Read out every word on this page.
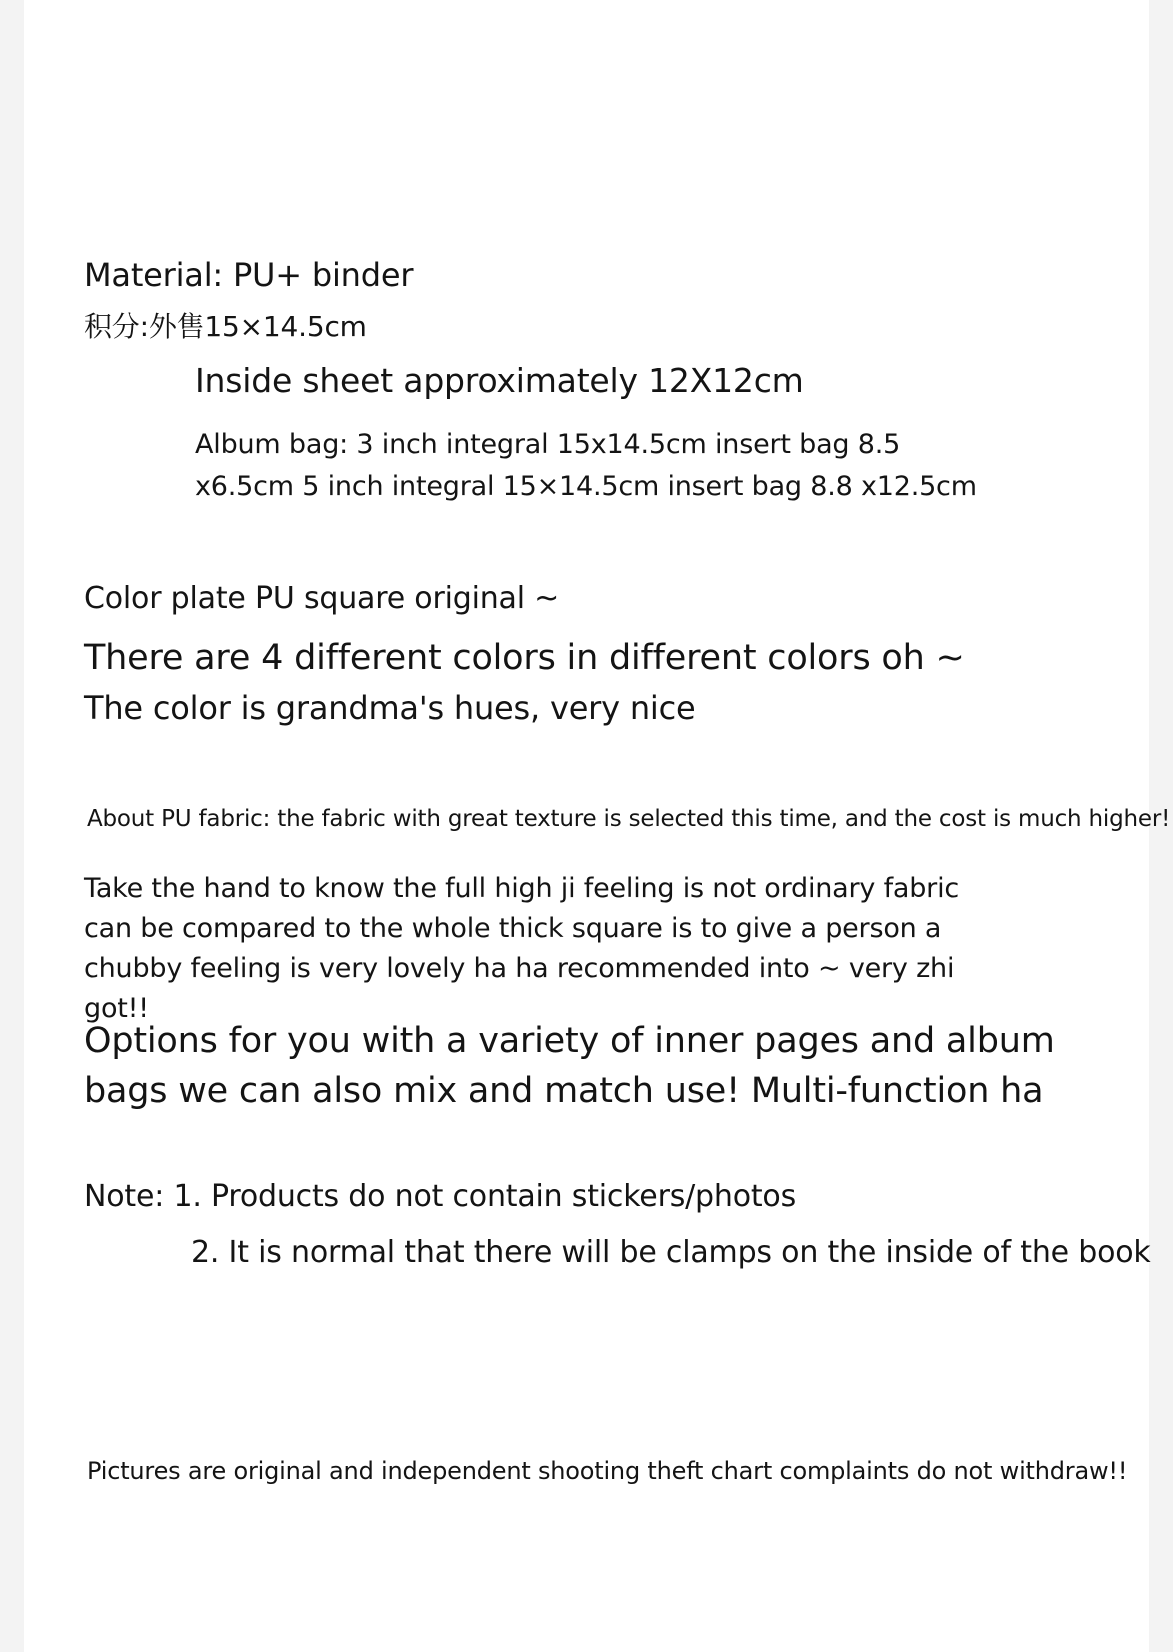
Material: PU+ binder

积分:外售15×14.5cm

Inside sheet approximately 12X12cm

Album bag: 3 inch integral 15x14.5cm insert bag 8.5 x6.5cm 5 inch integral 15×14.5cm insert bag 8.8 x12.5cm

Color plate PU square original ~

There are 4 different colors in different colors oh ~

The color is grandma's hues, very nice

About PU fabric: the fabric with great texture is selected this time, and the cost is much higher!

Take the hand to know the full high ji feeling is not ordinary fabric can be compared to the whole thick square is to give a person a chubby feeling is very lovely ha ha recommended into ~ very zhi got!!

Options for you with a variety of inner pages and album bags we can also mix and match use! Multi-function ha

Note: 1. Products do not contain stickers/photos

2. It is normal that there will be clamps on the inside of the book

Pictures are original and independent shooting theft chart complaints do not withdraw!!
